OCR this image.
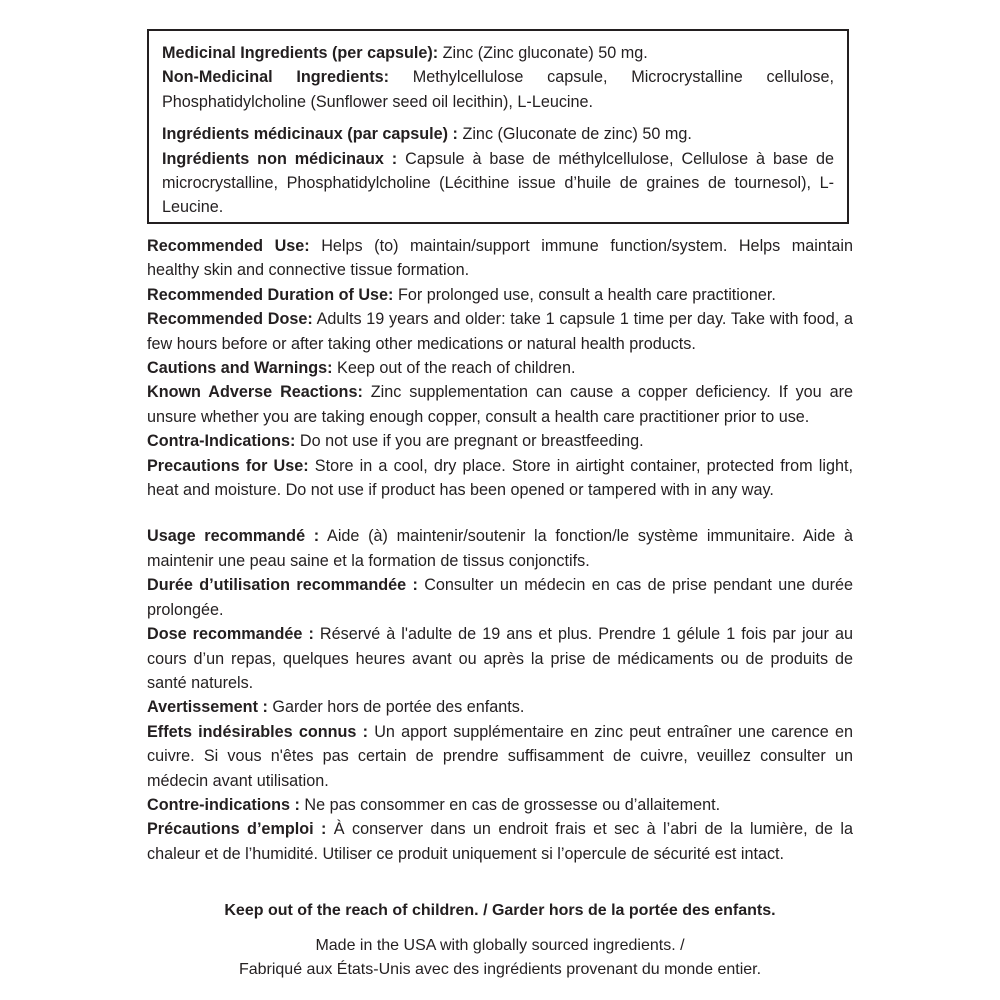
Medicinal Ingredients (per capsule): Zinc (Zinc gluconate) 50 mg.

Non-Medicinal Ingredients: Methylcellulose capsule, Microcrystalline cellulose, Phosphatidylcholine (Sunflower seed oil lecithin), L-Leucine.

Ingrédients médicinaux (par capsule) : Zinc (Gluconate de zinc) 50 mg.

Ingrédients non médicinaux : Capsule à base de méthylcellulose, Cellulose à base de microcrystalline, Phosphatidylcholine (Lécithine issue d’huile de graines de tournesol), L-Leucine.

Recommended Use: Helps (to) maintain/support immune function/system. Helps maintain healthy skin and connective tissue formation.

Recommended Duration of Use: For prolonged use, consult a health care practitioner.

Recommended Dose: Adults 19 years and older: take 1 capsule 1 time per day. Take with food, a few hours before or after taking other medications or natural health products.

Cautions and Warnings: Keep out of the reach of children.

Known Adverse Reactions: Zinc supplementation can cause a copper deficiency. If you are unsure whether you are taking enough copper, consult a health care practitioner prior to use.

Contra-Indications: Do not use if you are pregnant or breastfeeding.

Precautions for Use: Store in a cool, dry place. Store in airtight container, protected from light, heat and moisture. Do not use if product has been opened or tampered with in any way.

Usage recommandé : Aide (à) maintenir/soutenir la fonction/le système immunitaire. Aide à maintenir une peau saine et la formation de tissus conjonctifs.

Durée d’utilisation recommandée : Consulter un médecin en cas de prise pendant une durée prolongée.

Dose recommandée : Réservé à l'adulte de 19 ans et plus. Prendre 1 gélule 1 fois par jour au cours d’un repas, quelques heures avant ou après la prise de médicaments ou de produits de santé naturels.

Avertissement : Garder hors de portée des enfants.

Effets indésirables connus : Un apport supplémentaire en zinc peut entraîner une carence en cuivre. Si vous n'êtes pas certain de prendre suffisamment de cuivre, veuillez consulter un médecin avant utilisation.

Contre-indications : Ne pas consommer en cas de grossesse ou d’allaitement.

Précautions d’emploi : À conserver dans un endroit frais et sec à l’abri de la lumière, de la chaleur et de l’humidité. Utiliser ce produit uniquement si l’opercule de sécurité est intact.

Keep out of the reach of children. / Garder hors de la portée des enfants.
Made in the USA with globally sourced ingredients. /
Fabriqué aux États-Unis avec des ingrédients provenant du monde entier.
